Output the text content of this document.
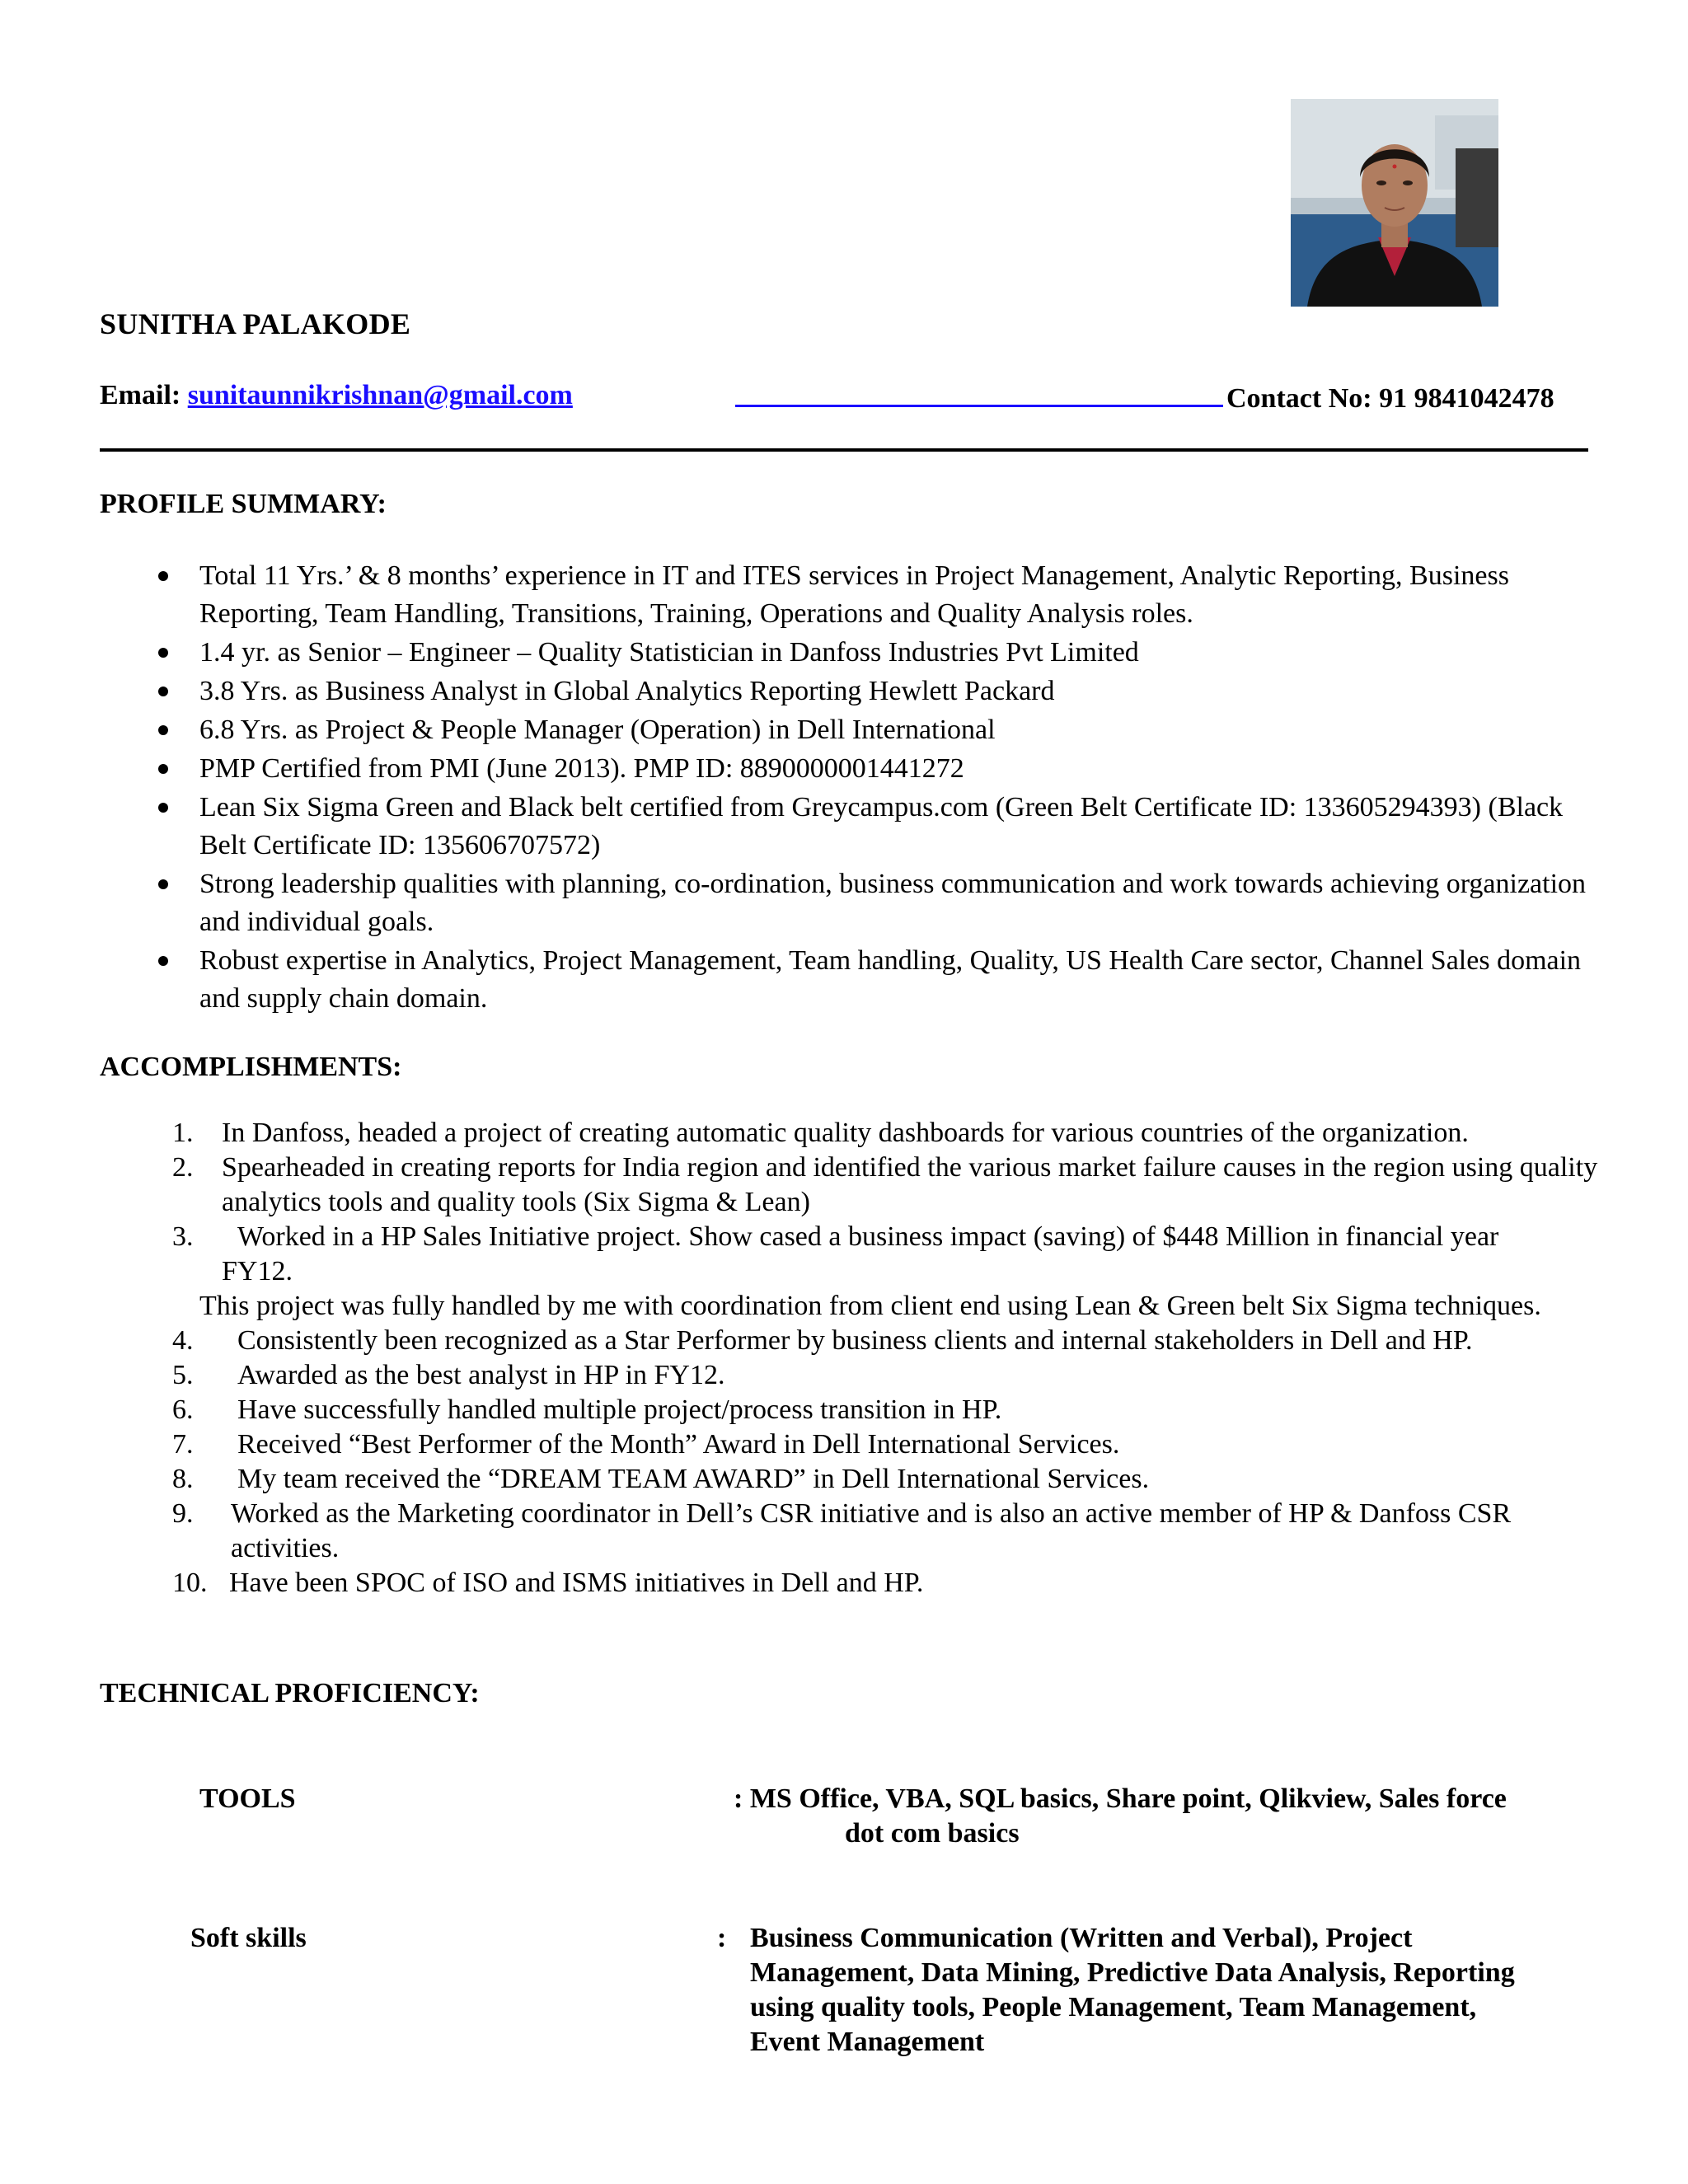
SUNITHA PALAKODE
Email: sunitaunnikrishnan@gmail.com	Contact No: 91 9841042478
PROFILE SUMMARY:
Total 11 Yrs.’ & 8 months’ experience in IT and ITES services in Project Management, Analytic Reporting, Business Reporting, Team Handling, Transitions, Training, Operations and Quality Analysis roles.
1.4 yr. as Senior – Engineer – Quality Statistician in Danfoss Industries Pvt Limited
3.8 Yrs. as Business Analyst in Global Analytics Reporting Hewlett Packard
6.8 Yrs. as Project & People Manager (Operation) in Dell International
PMP Certified from PMI (June 2013). PMP ID: 8890000001441272
Lean Six Sigma Green and Black belt certified from Greycampus.com (Green Belt Certificate ID: 133605294393) (Black Belt Certificate ID: 135606707572)
Strong leadership qualities with planning, co-ordination, business communication and work towards achieving organization and individual goals.
Robust expertise in Analytics, Project Management, Team handling, Quality, US Health Care sector, Channel Sales domain and supply chain domain.
ACCOMPLISHMENTS:
1.	In Danfoss, headed a project of creating automatic quality dashboards for various countries of the organization.
2.	Spearheaded in creating reports for India region and identified the various market failure causes in the region using quality analytics tools and quality tools (Six Sigma & Lean)
3.	Worked in a HP Sales Initiative project. Show cased a business impact (saving) of $448 Million in financial year
FY12.
This project was fully handled by me with coordination from client end using Lean & Green belt Six Sigma techniques.
4.	Consistently been recognized as a Star Performer by business clients and internal stakeholders in Dell and HP.
5.	Awarded as the best analyst in HP in FY12.
6.	Have successfully handled multiple project/process transition in HP.
7.	Received “Best Performer of the Month” Award in Dell International Services.
8.	My team received the “DREAM TEAM AWARD” in Dell International Services.
9.	Worked as the Marketing coordinator in Dell’s CSR initiative and is also an active member of HP & Danfoss CSR
activities.
10. Have been SPOC of ISO and ISMS initiatives in Dell and HP.
TECHNICAL PROFICIENCY:
TOOLS	: MS Office, VBA, SQL basics, Share point, Qlikview, Sales force
dot com basics
Soft skills	: Business Communication (Written and Verbal), Project
Management, Data Mining, Predictive Data Analysis, Reporting
using quality tools, People Management, Team Management,
Event Management
